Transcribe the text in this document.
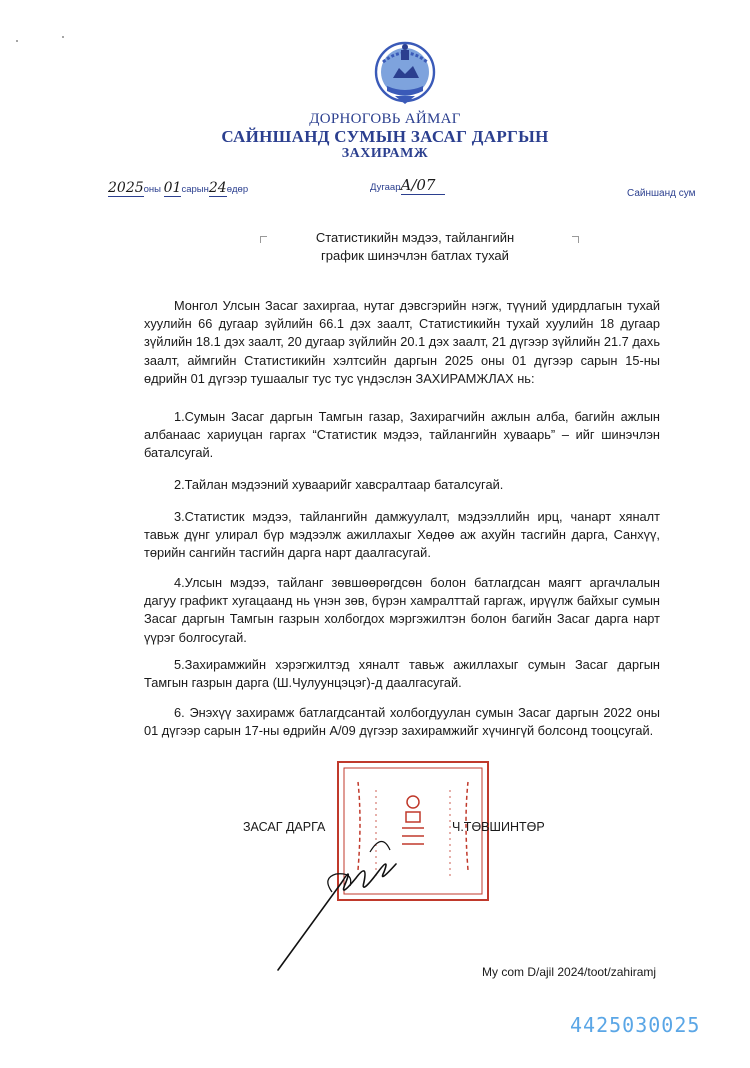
ДОРНОГОВЬ АЙМАГ
САЙНШАНД СУМЫН ЗАСАГ ДАРГЫН
ЗАХИРАМЖ
2025оны 01сарын24өдөр	ДугаарA/07	Сайншанд сум
Статистикийн мэдээ, тайлангийн
график шинэчлэн батлах тухай
Монгол Улсын Засаг захиргаа, нутаг дэвсгэрийн нэгж, түүний удирдлагын тухай хуулийн 66 дугаар зүйлийн 66.1 дэх заалт, Статистикийн тухай хуулийн 18 дугаар зүйлийн 18.1 дэх заалт, 20 дугаар зүйлийн 20.1 дэх заалт, 21 дүгээр зүйлийн 21.7 дахь заалт, аймгийн Статистикийн хэлтсийн даргын 2025 оны 01 дүгээр сарын 15-ны өдрийн 01 дүгээр тушаалыг тус тус үндэслэн ЗАХИРАМЖЛАХ нь:
1.Сумын Засаг даргын Тамгын газар, Захирагчийн ажлын алба, багийн ажлын албанаас хариуцан гаргах “Статистик мэдээ, тайлангийн хуваарь” – ийг шинэчлэн баталсугай.
2.Тайлан мэдээний хуваарийг хавсралтаар баталсугай.
3.Статистик мэдээ, тайлангийн дамжуулалт, мэдээллийн ирц, чанарт хяналт тавьж дүнг улирал бүр мэдээлж ажиллахыг Хөдөө аж ахуйн тасгийн дарга, Санхүү, төрийн сангийн тасгийн дарга нарт даалгасугай.
4.Улсын мэдээ, тайланг зөвшөөрөгдсөн болон батлагдсан маягт аргачлалын дагуу графикт хугацаанд нь үнэн зөв, бүрэн хамралттай гаргаж, ирүүлж байхыг сумын Засаг даргын Тамгын газрын холбогдох мэргэжилтэн болон багийн Засаг дарга нарт үүрэг болгосугай.
5.Захирамжийн хэрэгжилтэд хяналт тавьж ажиллахыг сумын Засаг даргын Тамгын газрын дарга (Ш.Чулуунцэцэг)-д даалгасугай.
6. Энэхүү захирамж батлагдсантай холбогдуулан сумын Засаг даргын 2022 оны 01 дүгээр сарын 17-ны өдрийн А/09 дүгээр захирамжийг хүчингүй болсонд тооцсугай.
ЗАСАГ ДАРГА	Ч.ТӨВШИНТӨР
My com D/ajil 2024/toot/zahiramj
4425030025
